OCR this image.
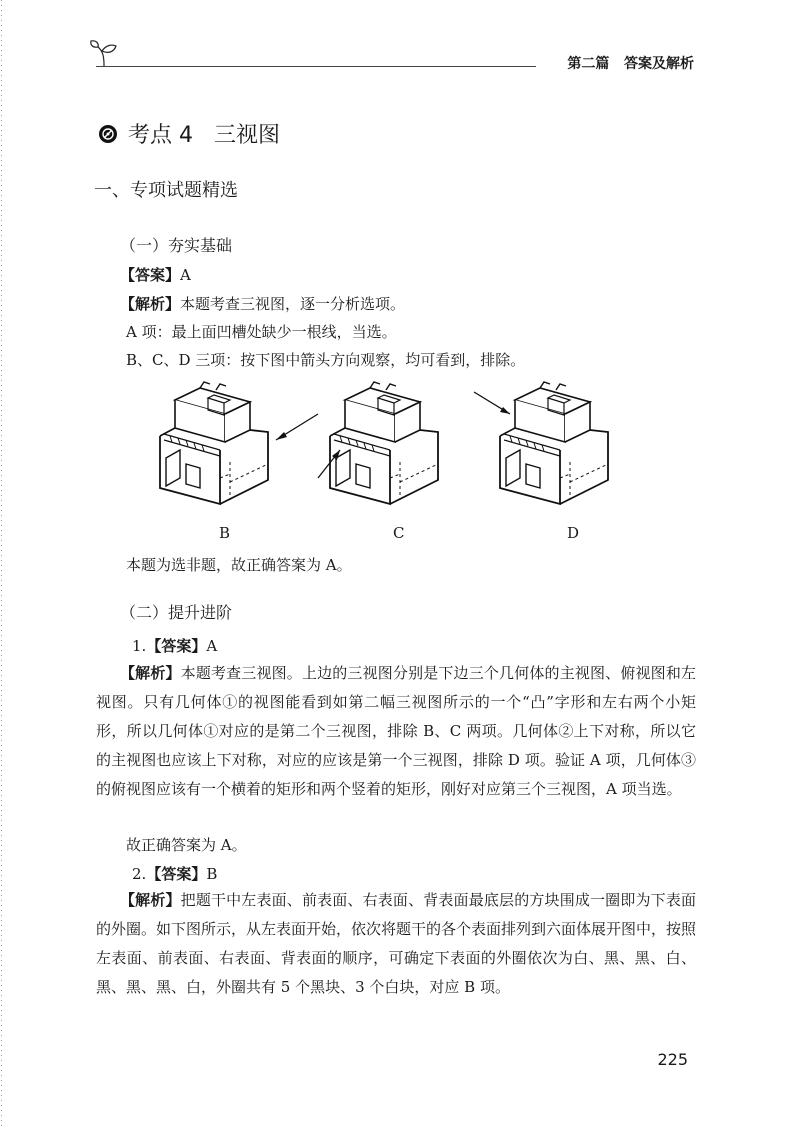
第二篇   答案及解析
考点 4   三视图
一、专项试题精选
（一）夯实基础
【答案】A
【解析】本题考查三视图，逐一分析选项。
A 项：最上面凹槽处缺少一根线，当选。
B、C、D 三项：按下图中箭头方向观察，均可看到，排除。
B	C	D
本题为选非题，故正确答案为 A。
（二）提升进阶
1.【答案】A
【解析】本题考查三视图。上边的三视图分别是下边三个几何体的主视图、俯视图和左视图。只有几何体①的视图能看到如第二幅三视图所示的一个“凸”字形和左右两个小矩形，所以几何体①对应的是第二个三视图，排除 B、C 两项。几何体②上下对称，所以它的主视图也应该上下对称，对应的应该是第一个三视图，排除 D 项。验证 A 项，几何体③的俯视图应该有一个横着的矩形和两个竖着的矩形，刚好对应第三个三视图，A 项当选。
故正确答案为 A。
2.【答案】B
【解析】把题干中左表面、前表面、右表面、背表面最底层的方块围成一圈即为下表面的外圈。如下图所示，从左表面开始，依次将题干的各个表面排列到六面体展开图中，按照左表面、前表面、右表面、背表面的顺序，可确定下表面的外圈依次为白、黑、黑、白、黑、黑、黑、白，外圈共有 5 个黑块、3 个白块，对应 B 项。
225
